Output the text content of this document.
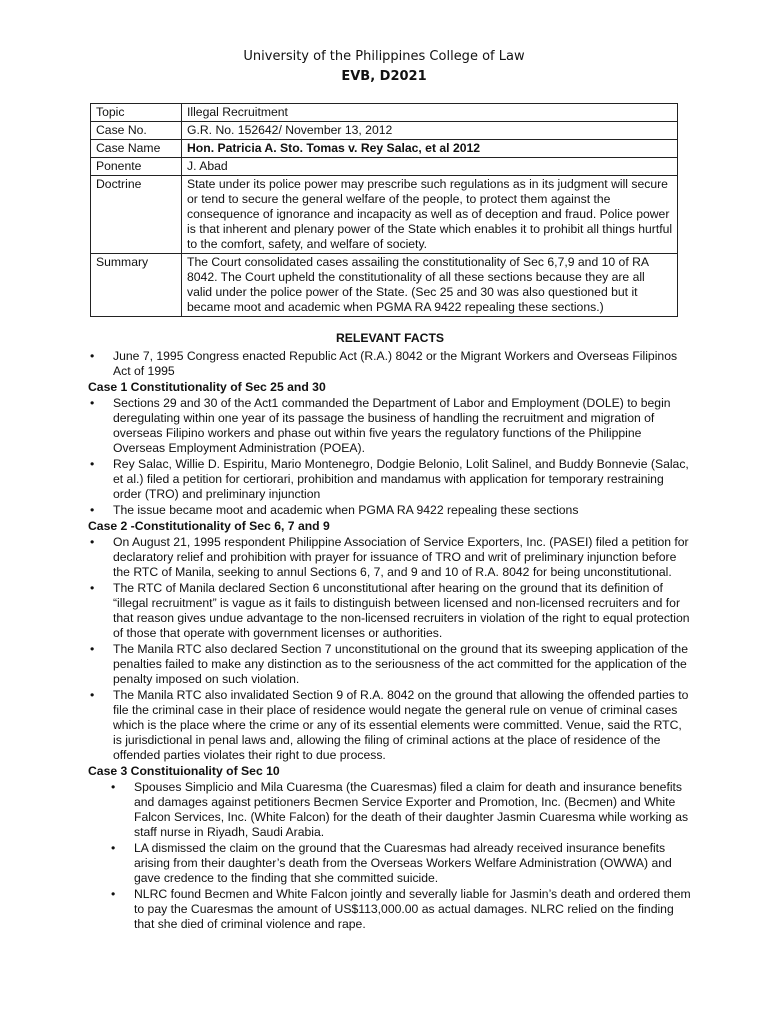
University of the Philippines College of Law
EVB, D2021
Topic	Illegal Recruitment
Case No.	G.R. No. 152642/ November 13, 2012
Case Name	Hon. Patricia A. Sto. Tomas v. Rey Salac, et al 2012
Ponente	J. Abad
Doctrine	State under its police power may prescribe such regulations as in its judgment will secure or tend to secure the general welfare of the people, to protect them against the consequence of ignorance and incapacity as well as of deception and fraud. Police power is that inherent and plenary power of the State which enables it to prohibit all things hurtful to the comfort, safety, and welfare of society.
Summary	The Court consolidated cases assailing the constitutionality of Sec 6,7,9 and 10 of RA 8042. The Court upheld the constitutionality of all these sections because they are all valid under the police power of the State. (Sec 25 and 30 was also questioned but it became moot and academic when PGMA RA 9422 repealing these sections.)
RELEVANT FACTS
• June 7, 1995 Congress enacted Republic Act (R.A.) 8042 or the Migrant Workers and Overseas Filipinos Act of 1995
Case 1 Constitutionality of Sec 25 and 30
• Sections 29 and 30 of the Act1 commanded the Department of Labor and Employment (DOLE) to begin deregulating within one year of its passage the business of handling the recruitment and migration of overseas Filipino workers and phase out within five years the regulatory functions of the Philippine Overseas Employment Administration (POEA).
• Rey Salac, Willie D. Espiritu, Mario Montenegro, Dodgie Belonio, Lolit Salinel, and Buddy Bonnevie (Salac, et al.) filed a petition for certiorari, prohibition and mandamus with application for temporary restraining order (TRO) and preliminary injunction
• The issue became moot and academic when PGMA RA 9422 repealing these sections
Case 2 -Constitutionality of Sec 6, 7 and 9
• On August 21, 1995 respondent Philippine Association of Service Exporters, Inc. (PASEI) filed a petition for declaratory relief and prohibition with prayer for issuance of TRO and writ of preliminary injunction before the RTC of Manila, seeking to annul Sections 6, 7, and 9 and 10 of R.A. 8042 for being unconstitutional.
• The RTC of Manila declared Section 6 unconstitutional after hearing on the ground that its definition of “illegal recruitment” is vague as it fails to distinguish between licensed and non-licensed recruiters and for that reason gives undue advantage to the non-licensed recruiters in violation of the right to equal protection of those that operate with government licenses or authorities.
• The Manila RTC also declared Section 7 unconstitutional on the ground that its sweeping application of the penalties failed to make any distinction as to the seriousness of the act committed for the application of the penalty imposed on such violation.
• The Manila RTC also invalidated Section 9 of R.A. 8042 on the ground that allowing the offended parties to file the criminal case in their place of residence would negate the general rule on venue of criminal cases which is the place where the crime or any of its essential elements were committed. Venue, said the RTC, is jurisdictional in penal laws and, allowing the filing of criminal actions at the place of residence of the offended parties violates their right to due process.
Case 3 Constituionality of Sec 10
• Spouses Simplicio and Mila Cuaresma (the Cuaresmas) filed a claim for death and insurance benefits and damages against petitioners Becmen Service Exporter and Promotion, Inc. (Becmen) and White Falcon Services, Inc. (White Falcon) for the death of their daughter Jasmin Cuaresma while working as staff nurse in Riyadh, Saudi Arabia.
• LA dismissed the claim on the ground that the Cuaresmas had already received insurance benefits arising from their daughter’s death from the Overseas Workers Welfare Administration (OWWA) and gave credence to the finding that she committed suicide.
• NLRC found Becmen and White Falcon jointly and severally liable for Jasmin’s death and ordered them to pay the Cuaresmas the amount of US$113,000.00 as actual damages. NLRC relied on the finding that she died of criminal violence and rape.
